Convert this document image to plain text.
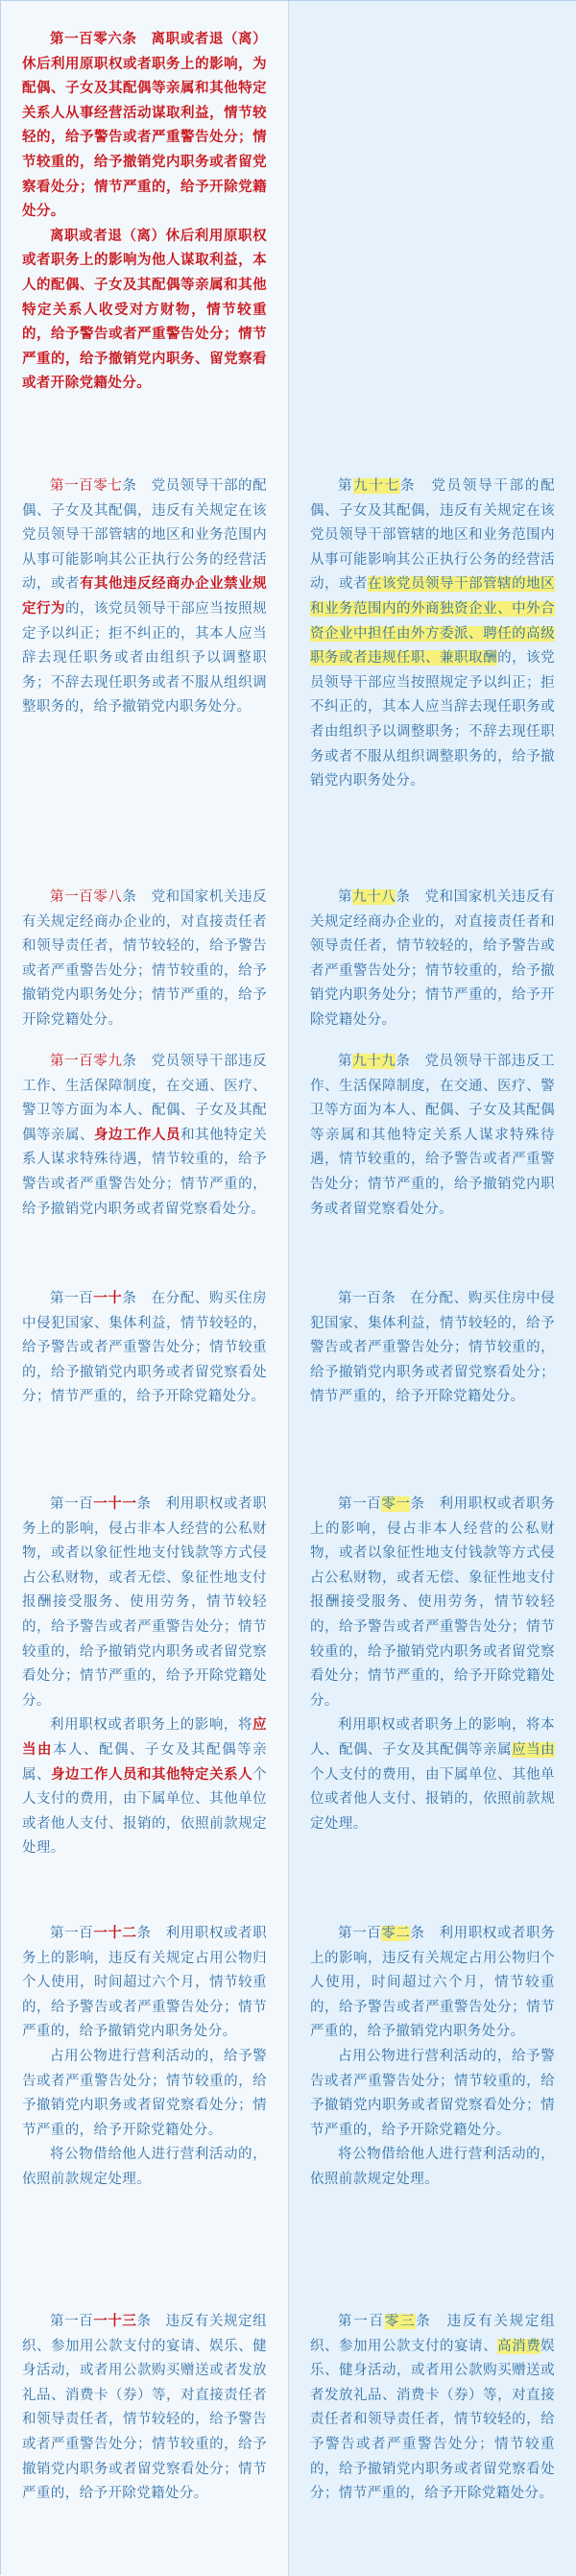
第一百零六条　离职或者退（离）休后利用原职权或者职务上的影响，为配偶、子女及其配偶等亲属和其他特定关系人从事经营活动谋取利益，情节较轻的，给予警告或者严重警告处分；情节较重的，给予撤销党内职务或者留党察看处分；情节严重的，给予开除党籍处分。

离职或者退（离）休后利用原职权或者职务上的影响为他人谋取利益，本人的配偶、子女及其配偶等亲属和其他特定关系人收受对方财物，情节较重的，给予警告或者严重警告处分；情节严重的，给予撤销党内职务、留党察看或者开除党籍处分。

第一百零七条　党员领导干部的配偶、子女及其配偶，违反有关规定在该党员领导干部管辖的地区和业务范围内从事可能影响其公正执行公务的经营活动，或者有其他违反经商办企业禁业规定行为的，该党员领导干部应当按照规定予以纠正；拒不纠正的，其本人应当辞去现任职务或者由组织予以调整职务；不辞去现任职务或者不服从组织调整职务的，给予撤销党内职务处分。

第九十七条　党员领导干部的配偶、子女及其配偶，违反有关规定在该党员领导干部管辖的地区和业务范围内从事可能影响其公正执行公务的经营活动，或者在该党员领导干部管辖的地区和业务范围内的外商独资企业、中外合资企业中担任由外方委派、聘任的高级职务或者违规任职、兼职取酬的，该党员领导干部应当按照规定予以纠正；拒不纠正的，其本人应当辞去现任职务或者由组织予以调整职务；不辞去现任职务或者不服从组织调整职务的，给予撤销党内职务处分。

第一百零八条　党和国家机关违反有关规定经商办企业的，对直接责任者和领导责任者，情节较轻的，给予警告或者严重警告处分；情节较重的，给予撤销党内职务处分；情节严重的，给予开除党籍处分。

第九十八条　党和国家机关违反有关规定经商办企业的，对直接责任者和领导责任者，情节较轻的，给予警告或者严重警告处分；情节较重的，给予撤销党内职务处分；情节严重的，给予开除党籍处分。

第一百零九条　党员领导干部违反工作、生活保障制度，在交通、医疗、警卫等方面为本人、配偶、子女及其配偶等亲属、身边工作人员和其他特定关系人谋求特殊待遇，情节较重的，给予警告或者严重警告处分；情节严重的，给予撤销党内职务或者留党察看处分。

第九十九条　党员领导干部违反工作、生活保障制度，在交通、医疗、警卫等方面为本人、配偶、子女及其配偶等亲属和其他特定关系人谋求特殊待遇，情节较重的，给予警告或者严重警告处分；情节严重的，给予撤销党内职务或者留党察看处分。

第一百一十条　在分配、购买住房中侵犯国家、集体利益，情节较轻的，给予警告或者严重警告处分；情节较重的，给予撤销党内职务或者留党察看处分；情节严重的，给予开除党籍处分。

第一百条　在分配、购买住房中侵犯国家、集体利益，情节较轻的，给予警告或者严重警告处分；情节较重的，给予撤销党内职务或者留党察看处分；情节严重的，给予开除党籍处分。

第一百一十一条　利用职权或者职务上的影响，侵占非本人经营的公私财物，或者以象征性地支付钱款等方式侵占公私财物，或者无偿、象征性地支付报酬接受服务、使用劳务，情节较轻的，给予警告或者严重警告处分；情节较重的，给予撤销党内职务或者留党察看处分；情节严重的，给予开除党籍处分。

利用职权或者职务上的影响，将应当由本人、配偶、子女及其配偶等亲属、身边工作人员和其他特定关系人个人支付的费用，由下属单位、其他单位或者他人支付、报销的，依照前款规定处理。

第一百零一条　利用职权或者职务上的影响，侵占非本人经营的公私财物，或者以象征性地支付钱款等方式侵占公私财物，或者无偿、象征性地支付报酬接受服务、使用劳务，情节较轻的，给予警告或者严重警告处分；情节较重的，给予撤销党内职务或者留党察看处分；情节严重的，给予开除党籍处分。

利用职权或者职务上的影响，将本人、配偶、子女及其配偶等亲属应当由个人支付的费用，由下属单位、其他单位或者他人支付、报销的，依照前款规定处理。

第一百一十二条　利用职权或者职务上的影响，违反有关规定占用公物归个人使用，时间超过六个月，情节较重的，给予警告或者严重警告处分；情节严重的，给予撤销党内职务处分。

占用公物进行营利活动的，给予警告或者严重警告处分；情节较重的，给予撤销党内职务或者留党察看处分；情节严重的，给予开除党籍处分。

将公物借给他人进行营利活动的，依照前款规定处理。

第一百零二条　利用职权或者职务上的影响，违反有关规定占用公物归个人使用，时间超过六个月，情节较重的，给予警告或者严重警告处分；情节严重的，给予撤销党内职务处分。

占用公物进行营利活动的，给予警告或者严重警告处分；情节较重的，给予撤销党内职务或者留党察看处分；情节严重的，给予开除党籍处分。

将公物借给他人进行营利活动的，依照前款规定处理。

第一百一十三条　违反有关规定组织、参加用公款支付的宴请、娱乐、健身活动，或者用公款购买赠送或者发放礼品、消费卡（券）等，对直接责任者和领导责任者，情节较轻的，给予警告或者严重警告处分；情节较重的，给予撤销党内职务或者留党察看处分；情节严重的，给予开除党籍处分。

第一百零三条　违反有关规定组织、参加用公款支付的宴请、高消费娱乐、健身活动，或者用公款购买赠送或者发放礼品、消费卡（券）等，对直接责任者和领导责任者，情节较轻的，给予警告或者严重警告处分；情节较重的，给予撤销党内职务或者留党察看处分；情节严重的，给予开除党籍处分。
